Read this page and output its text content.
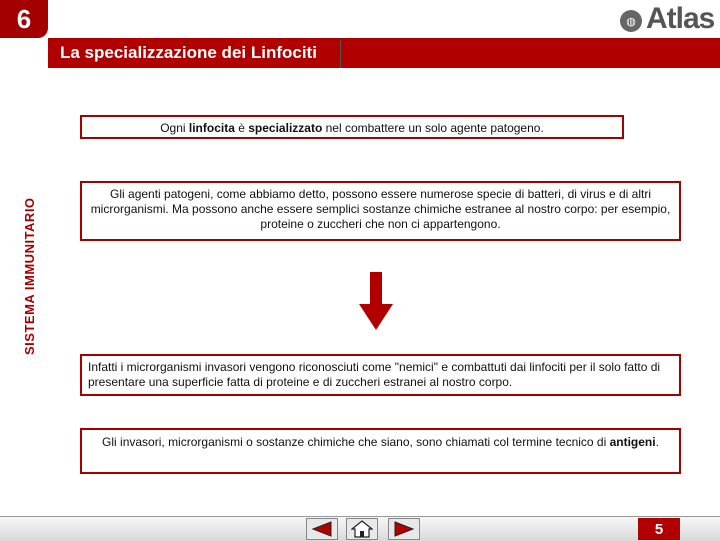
6
La specializzazione dei Linfociti
◍ Atlas
SISTEMA IMMUNITARIO
Ogni linfocita è specializzato nel combattere un solo agente patogeno.
Gli agenti patogeni, come abbiamo detto, possono essere numerose specie di batteri, di virus e di altri microrganismi. Ma possono anche essere semplici sostanze chimiche estranee al nostro corpo: per esempio, proteine o zuccheri che non ci appartengono.
Infatti i microrganismi invasori vengono riconosciuti come "nemici" e combattuti dai linfociti per il solo fatto di presentare una superficie fatta di proteine e di zuccheri estranei al nostro corpo.
Gli invasori, microrganismi o sostanze chimiche che siano, sono chiamati col termine tecnico di antigeni.
5
